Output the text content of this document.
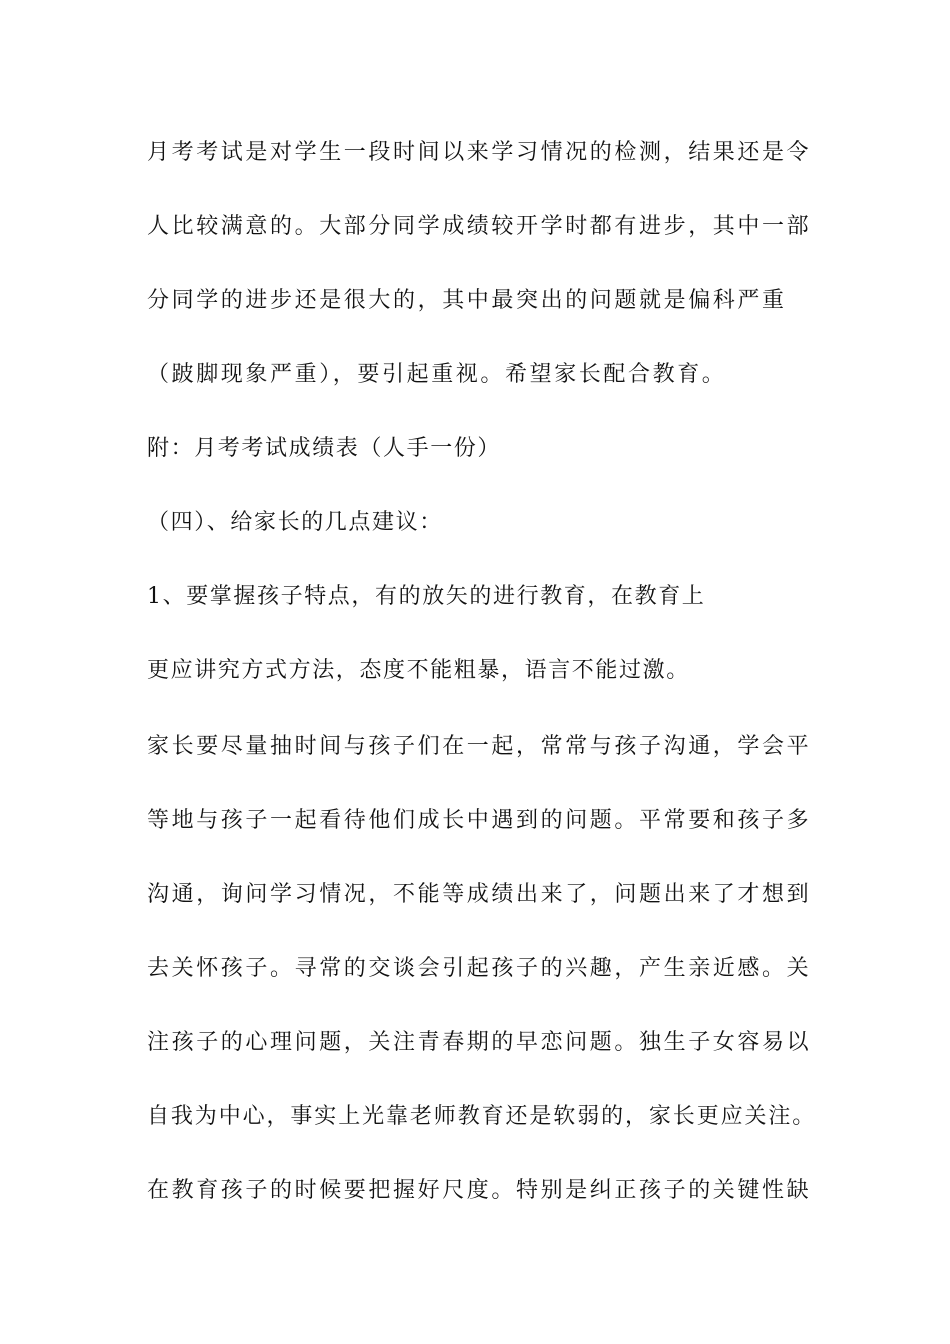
月考考试是对学生一段时间以来学习情况的检测，结果还是令
人比较满意的。大部分同学成绩较开学时都有进步，其中一部
分同学的进步还是很大的，其中最突出的问题就是偏科严重
（跛脚现象严重），要引起重视。希望家长配合教育。
附：月考考试成绩表（人手一份）
（四）、给家长的几点建议：
1、要掌握孩子特点，有的放矢的进行教育，在教育上
更应讲究方式方法，态度不能粗暴，语言不能过激。
家长要尽量抽时间与孩子们在一起，常常与孩子沟通，学会平
等地与孩子一起看待他们成长中遇到的问题。平常要和孩子多
沟通，询问学习情况，不能等成绩出来了，问题出来了才想到
去关怀孩子。寻常的交谈会引起孩子的兴趣，产生亲近感。关
注孩子的心理问题，关注青春期的早恋问题。独生子女容易以
自我为中心，事实上光靠老师教育还是软弱的，家长更应关注。
在教育孩子的时候要把握好尺度。特别是纠正孩子的关键性缺
